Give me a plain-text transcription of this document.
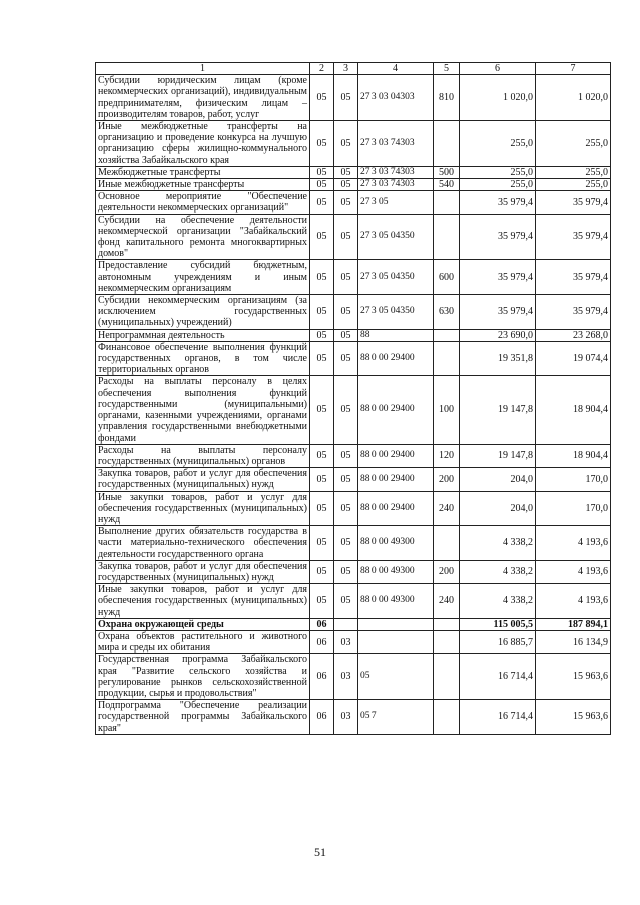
1	2	3	4	5	6	7
Субсидии юридическим лицам (кроме некоммерческих организаций), индивидуальным предпринимателям, физическим лицам – производителям товаров, работ, услуг	05	05	27 3 03 04303	810	1 020,0	1 020,0
Иные межбюджетные трансферты на организацию и проведение конкурса на лучшую организацию сферы жилищно-коммунального хозяйства Забайкальского края	05	05	27 3 03 74303		255,0	255,0
Межбюджетные трансферты	05	05	27 3 03 74303	500	255,0	255,0
Иные межбюджетные трансферты	05	05	27 3 03 74303	540	255,0	255,0
Основное мероприятие "Обеспечение деятельности некоммерческих организаций"	05	05	27 3 05		35 979,4	35 979,4
Субсидии на обеспечение деятельности некоммерческой организации "Забайкальский фонд капитального ремонта многоквартирных домов"	05	05	27 3 05 04350		35 979,4	35 979,4
Предоставление субсидий бюджетным, автономным учреждениям и иным некоммерческим организациям	05	05	27 3 05 04350	600	35 979,4	35 979,4
Субсидии некоммерческим организациям (за исключением государственных (муниципальных) учреждений)	05	05	27 3 05 04350	630	35 979,4	35 979,4
Непрограммная деятельность	05	05	88		23 690,0	23 268,0
Финансовое обеспечение выполнения функций государственных органов, в том числе территориальных органов	05	05	88 0 00 29400		19 351,8	19 074,4
Расходы на выплаты персоналу в целях обеспечения выполнения функций государственными (муниципальными) органами, казенными учреждениями, органами управления государственными внебюджетными фондами	05	05	88 0 00 29400	100	19 147,8	18 904,4
Расходы на выплаты персоналу государственных (муниципальных) органов	05	05	88 0 00 29400	120	19 147,8	18 904,4
Закупка товаров, работ и услуг для обеспечения государственных (муниципальных) нужд	05	05	88 0 00 29400	200	204,0	170,0
Иные закупки товаров, работ и услуг для обеспечения государственных (муниципальных) нужд	05	05	88 0 00 29400	240	204,0	170,0
Выполнение других обязательств государства в части материально-технического обеспечения деятельности государственного органа	05	05	88 0 00 49300		4 338,2	4 193,6
Закупка товаров, работ и услуг для обеспечения государственных (муниципальных) нужд	05	05	88 0 00 49300	200	4 338,2	4 193,6
Иные закупки товаров, работ и услуг для обеспечения государственных (муниципальных) нужд	05	05	88 0 00 49300	240	4 338,2	4 193,6
Охрана окружающей среды	06				115 005,5	187 894,1
Охрана объектов растительного и животного мира и среды их обитания	06	03			16 885,7	16 134,9
Государственная программа Забайкальского края "Развитие сельского хозяйства и регулирование рынков сельскохозяйственной продукции, сырья и продовольствия"	06	03	05		16 714,4	15 963,6
Подпрограмма "Обеспечение реализации государственной программы Забайкальского края"	06	03	05 7		16 714,4	15 963,6
51
